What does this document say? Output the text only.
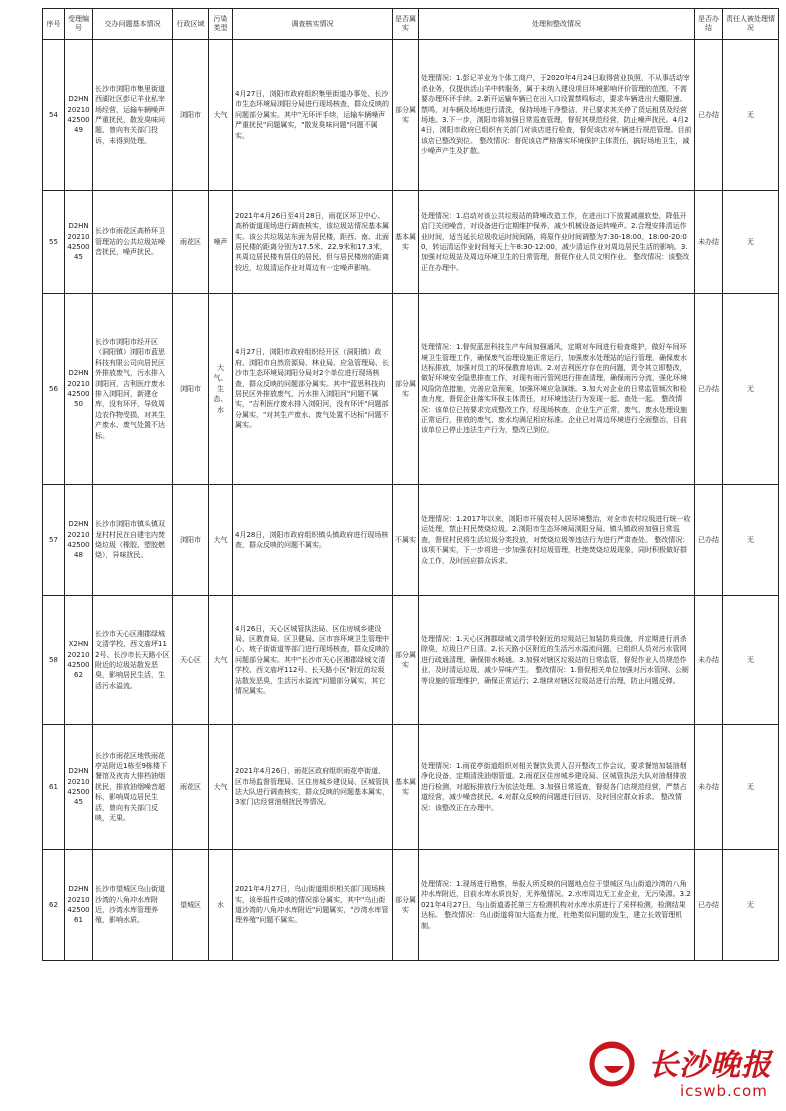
序号	受理编号	交办问题基本情况	行政区域	污染类型	调查核实情况	是否属实	处理和整改情况	是否办结	责任人被处理情况
54	D2HN202104250049	长沙市浏阳市集里街道西湖社区彭记羊业私宰场经营，运输车辆噪声严重扰民，散发臭味问题，曾向有关部门投诉，未得到处理。	浏阳市	大气	4月27日，浏阳市政府组织集里街道办事处、长沙市生态环境局浏阳分局进行现场核查，群众反映的问题部分属实。其中"无环评手续，运输车辆噪声严重扰民"问题属实，"散发臭味问题"问题不属实。	部分属实	处理情况：1.彭记羊业为个体工商户，于2020年4月24日取得营业执照，不从事活动宰杀业务，仅提供活山羊中转服务，属于未纳入建设项目环境影响评价管理的范围，不需要办理环评手续。2.新开运输车辆已在出入口设置禁鸣标志，要求车辆进出大棚限速、禁鸣，对车辆及场地进行清洗，保持场地干净整洁，并已要求其关停了货运租赁及经营场地。3.下一步，浏阳市将加强日常巡查管理，督促其规范经营，防止噪声扰民。4月24日，浏阳市政府已组织有关部门对该店进行检查，督促该店对车辆进行规范管理。目前该店已整改到位。 整改情况：督促该店严格落实环境保护主体责任，搞好场地卫生，减少噪声产生及扩散。	已办结	无
55	D2HN202104250045	长沙市雨花区高桥环卫管理站的公共垃圾站噪音扰民，噪声扰民。	雨花区	噪声	2021年4月26日至4月28日，雨花区环卫中心、高桥街道现场进行调查核实，该垃圾站情况基本属实。该公共垃圾站东面为居民楼，距西、南、北面居民楼的距离分别为17.5米、22.9米和17.3米，其周边居民楼有居住的居民，但与居民楼房的距离较近，垃圾清运作业对周边有一定噪声影响。	基本属实	处理情况：1.启动对该公共垃圾站的降噪改造工作，在进出口下放置减震软垫，降低开启门关闭噪音，对设备进行定期维护保养，减少机械设备运转噪声。2.合理安排清运作业时间，适当延长垃圾收运时间间隔，将原作业时间调整为7:30-18:00、18:00-20:00，转运清运作业时间每天上午8:30-12:00，减少清运作业对周边居民生活的影响。3.加强对垃圾站及周边环境卫生的日常管理，督促作业人员文明作业。 整改情况：该整改正在办理中。	未办结	无
56	D2HN202104250050	长沙市浏阳市经开区（洞阳镇）浏阳市蓝思科技有限公司向居民区外排放废气，污水排入浏阳河，吉利医疗废水排入浏阳河，新建仓库，没有环评，导致周边农作物受损，对其生产废水、废气处置不达标。	浏阳市	大气、生态、水	4月27日，浏阳市政府组织经开区（洞阳镇）政府、浏阳市自然资源局、林业局、应急管理局、长沙市生态环境局浏阳分局对2个单位进行现场核查，群众反映的问题部分属实。其中"蓝思科技向居民区外排放废气，污水排入浏阳河"问题不属实，"吉利医疗废水排入浏阳河，没有环评"问题部分属实，"对其生产废水、废气处置不达标"问题不属实。	部分属实	处理情况：1.督促蓝思科技生产车间加强通风，定期对车间进行检查维护，做好车间环境卫生管理工作，确保废气治理设施正常运行，加强废水处理站的运行管理，确保废水达标排放，加强对员工的环保教育培训。2.对吉利医疗存在的问题，责令其立即整改，做好环境安全隐患排查工作，对现有雨污管网进行排查清理，确保雨污分流，强化环境风险防范措施，完善应急预案，加强环境应急演练。3.加大对企业的日常监管频次和检查力度，督促企业落实环保主体责任，对环境违法行为发现一起、查处一起。 整改情况：该单位已按要求完成整改工作，经现场核查，企业生产正常，废气、废水处理设施正常运行，排放的废气、废水均满足相应标准。企业已对周边环境进行全面整治，目前该单位已停止违法生产行为，整改已到位。	已办结	无
57	D2HN202104250048	长沙市浏阳市镇头镇双龙村村民在自建宅内焚烧垃圾（橡胶、塑胶燃烧），异味扰民。	浏阳市	大气	4月28日，浏阳市政府组织镇头镇政府进行现场核查，群众反映的问题不属实。	不属实	处理情况：1.2017年以来，浏阳市开展农村人居环境整治，对全市农村垃圾进行统一收运处理，禁止村民焚烧垃圾。2.浏阳市生态环境局浏阳分局、镇头镇政府加强日常巡查，督促村民将生活垃圾分类投放，对焚烧垃圾等违法行为进行严肃查处。 整改情况：该项不属实，下一步将进一步加强农村垃圾管理，杜绝焚烧垃圾现象，同时积极做好群众工作，及时回应群众诉求。	已办结	无
58	X2HN202104250062	长沙市天心区湘郡绿城文清学校、西文庙坪112号、长沙市长天路小区附近的垃圾站散发恶臭，影响居民生活，生活污水溢流。	天心区	大气	4月26日，天心区城管执法局、区住房城乡建设局、区教育局、区卫健局、区市容环境卫生管理中心、坡子街街道等部门进行现场核查，群众反映的问题部分属实。其中"长沙市天心区湘郡绿城文清学校、西文庙坪112号、长天路小区"附近的垃圾站散发恶臭，生活污水溢流"问题部分属实，其它情况属实。	部分属实	处理情况：1.天心区湘郡绿城文清学校附近的垃圾站已加装防臭设施，并定期进行消杀除臭，垃圾日产日清。2.长天路小区附近的生活污水溢流问题，已组织人员对污水管网进行疏通清理，确保排水畅通。3.加强对辖区垃圾站的日常监管，督促作业人员规范作业，及时清运垃圾，减少异味产生。 整改情况：1.督促相关单位加强对污水管网、公厕等设施的管理维护，确保正常运行；2.继续对辖区垃圾站进行治理，防止问题反弹。	未办结	无
61	D2HN202104250045	长沙市雨花区地铁雨花亭站附近1栋至9栋楼下餐馆及夜宵大排档油烟扰民，排放油烟噪音超标，影响周边居民生活，曾向有关部门反映，无果。	雨花区	大气	2021年4月26日，雨花区政府组织雨花亭街道、区市场监督管理局、区住房城乡建设局、区城管执法大队进行调查核实，群众反映的问题基本属实，3家门店经营油烟扰民等情况。	基本属实	处理情况：1.雨花亭街道组织对相关餐饮负责人召开整改工作会议，要求餐馆加装油烟净化设备，定期清洗油烟管道。2.雨花区住房城乡建设局、区城管执法大队对油烟排放进行检测，对超标排放行为依法处理。3.加强日常巡查，督促各门店规范经营，严禁占道经营，减少噪音扰民。4.对群众反映的问题进行回访，及时回应群众诉求。 整改情况：该整改正在办理中。	未办结	无
62	D2HN202104250061	长沙市望城区乌山街道沙湾的八角冲水库附近，沙湾水库管理养殖，影响水质。	望城区	水	2021年4月27日，乌山街道组织相关部门现场核实，该举报件反映的情况部分属实，其中"乌山街道沙湾的八角冲水库附近"问题属实，"沙湾水库管理养殖"问题不属实。	部分属实	处理情况：1.现场进行勘察，举报人所反映的问题地点位于望城区乌山街道沙湾的八角冲水库附近，目前水库水质良好，无养殖情况。2.水库周边无工业企业，无污染源。3.2021年4月27日，乌山街道委托第三方检测机构对水库水质进行了采样检测，检测结果达标。 整改情况：乌山街道将加大巡查力度，杜绝类似问题的发生，建立长效管理机制。	已办结	无
长沙晚报
icswb.com
